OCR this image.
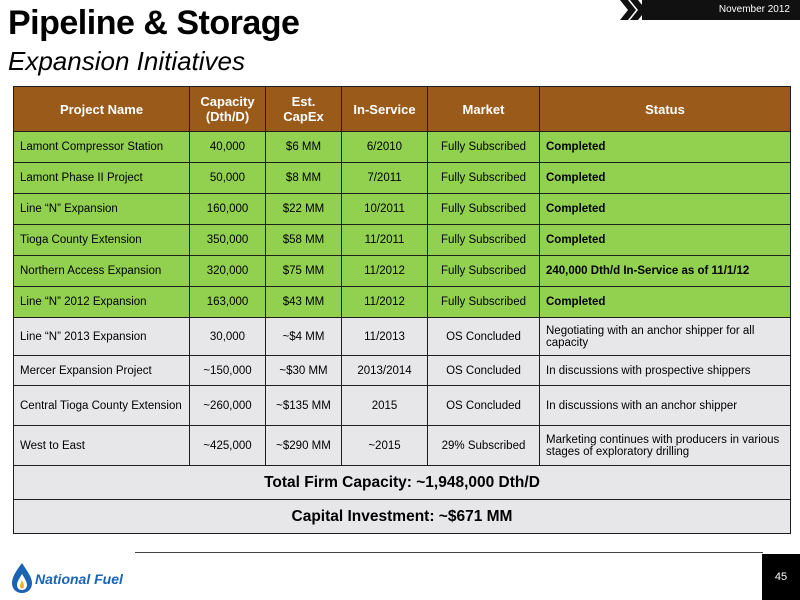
Pipeline & Storage
Expansion Initiatives
November 2012
Project Name	Capacity (Dth/D)	Est. CapEx	In-Service	Market	Status
Lamont Compressor Station	40,000	$6 MM	6/2010	Fully Subscribed	Completed
Lamont Phase II Project	50,000	$8 MM	7/2011	Fully Subscribed	Completed
Line “N” Expansion	160,000	$22 MM	10/2011	Fully Subscribed	Completed
Tioga County Extension	350,000	$58 MM	11/2011	Fully Subscribed	Completed
Northern Access Expansion	320,000	$75 MM	11/2012	Fully Subscribed	240,000 Dth/d In-Service as of 11/1/12
Line “N” 2012 Expansion	163,000	$43 MM	11/2012	Fully Subscribed	Completed
Line “N” 2013 Expansion	30,000	~$4 MM	11/2013	OS Concluded	Negotiating with an anchor shipper for all capacity
Mercer Expansion Project	~150,000	~$30 MM	2013/2014	OS Concluded	In discussions with prospective shippers
Central Tioga County Extension	~260,000	~$135 MM	2015	OS Concluded	In discussions with an anchor shipper
West to East	~425,000	~$290 MM	~2015	29% Subscribed	Marketing continues with producers in various stages of exploratory drilling
Total Firm Capacity: ~1,948,000 Dth/D					
Capital Investment: ~$671 MM					
National Fuel	45
